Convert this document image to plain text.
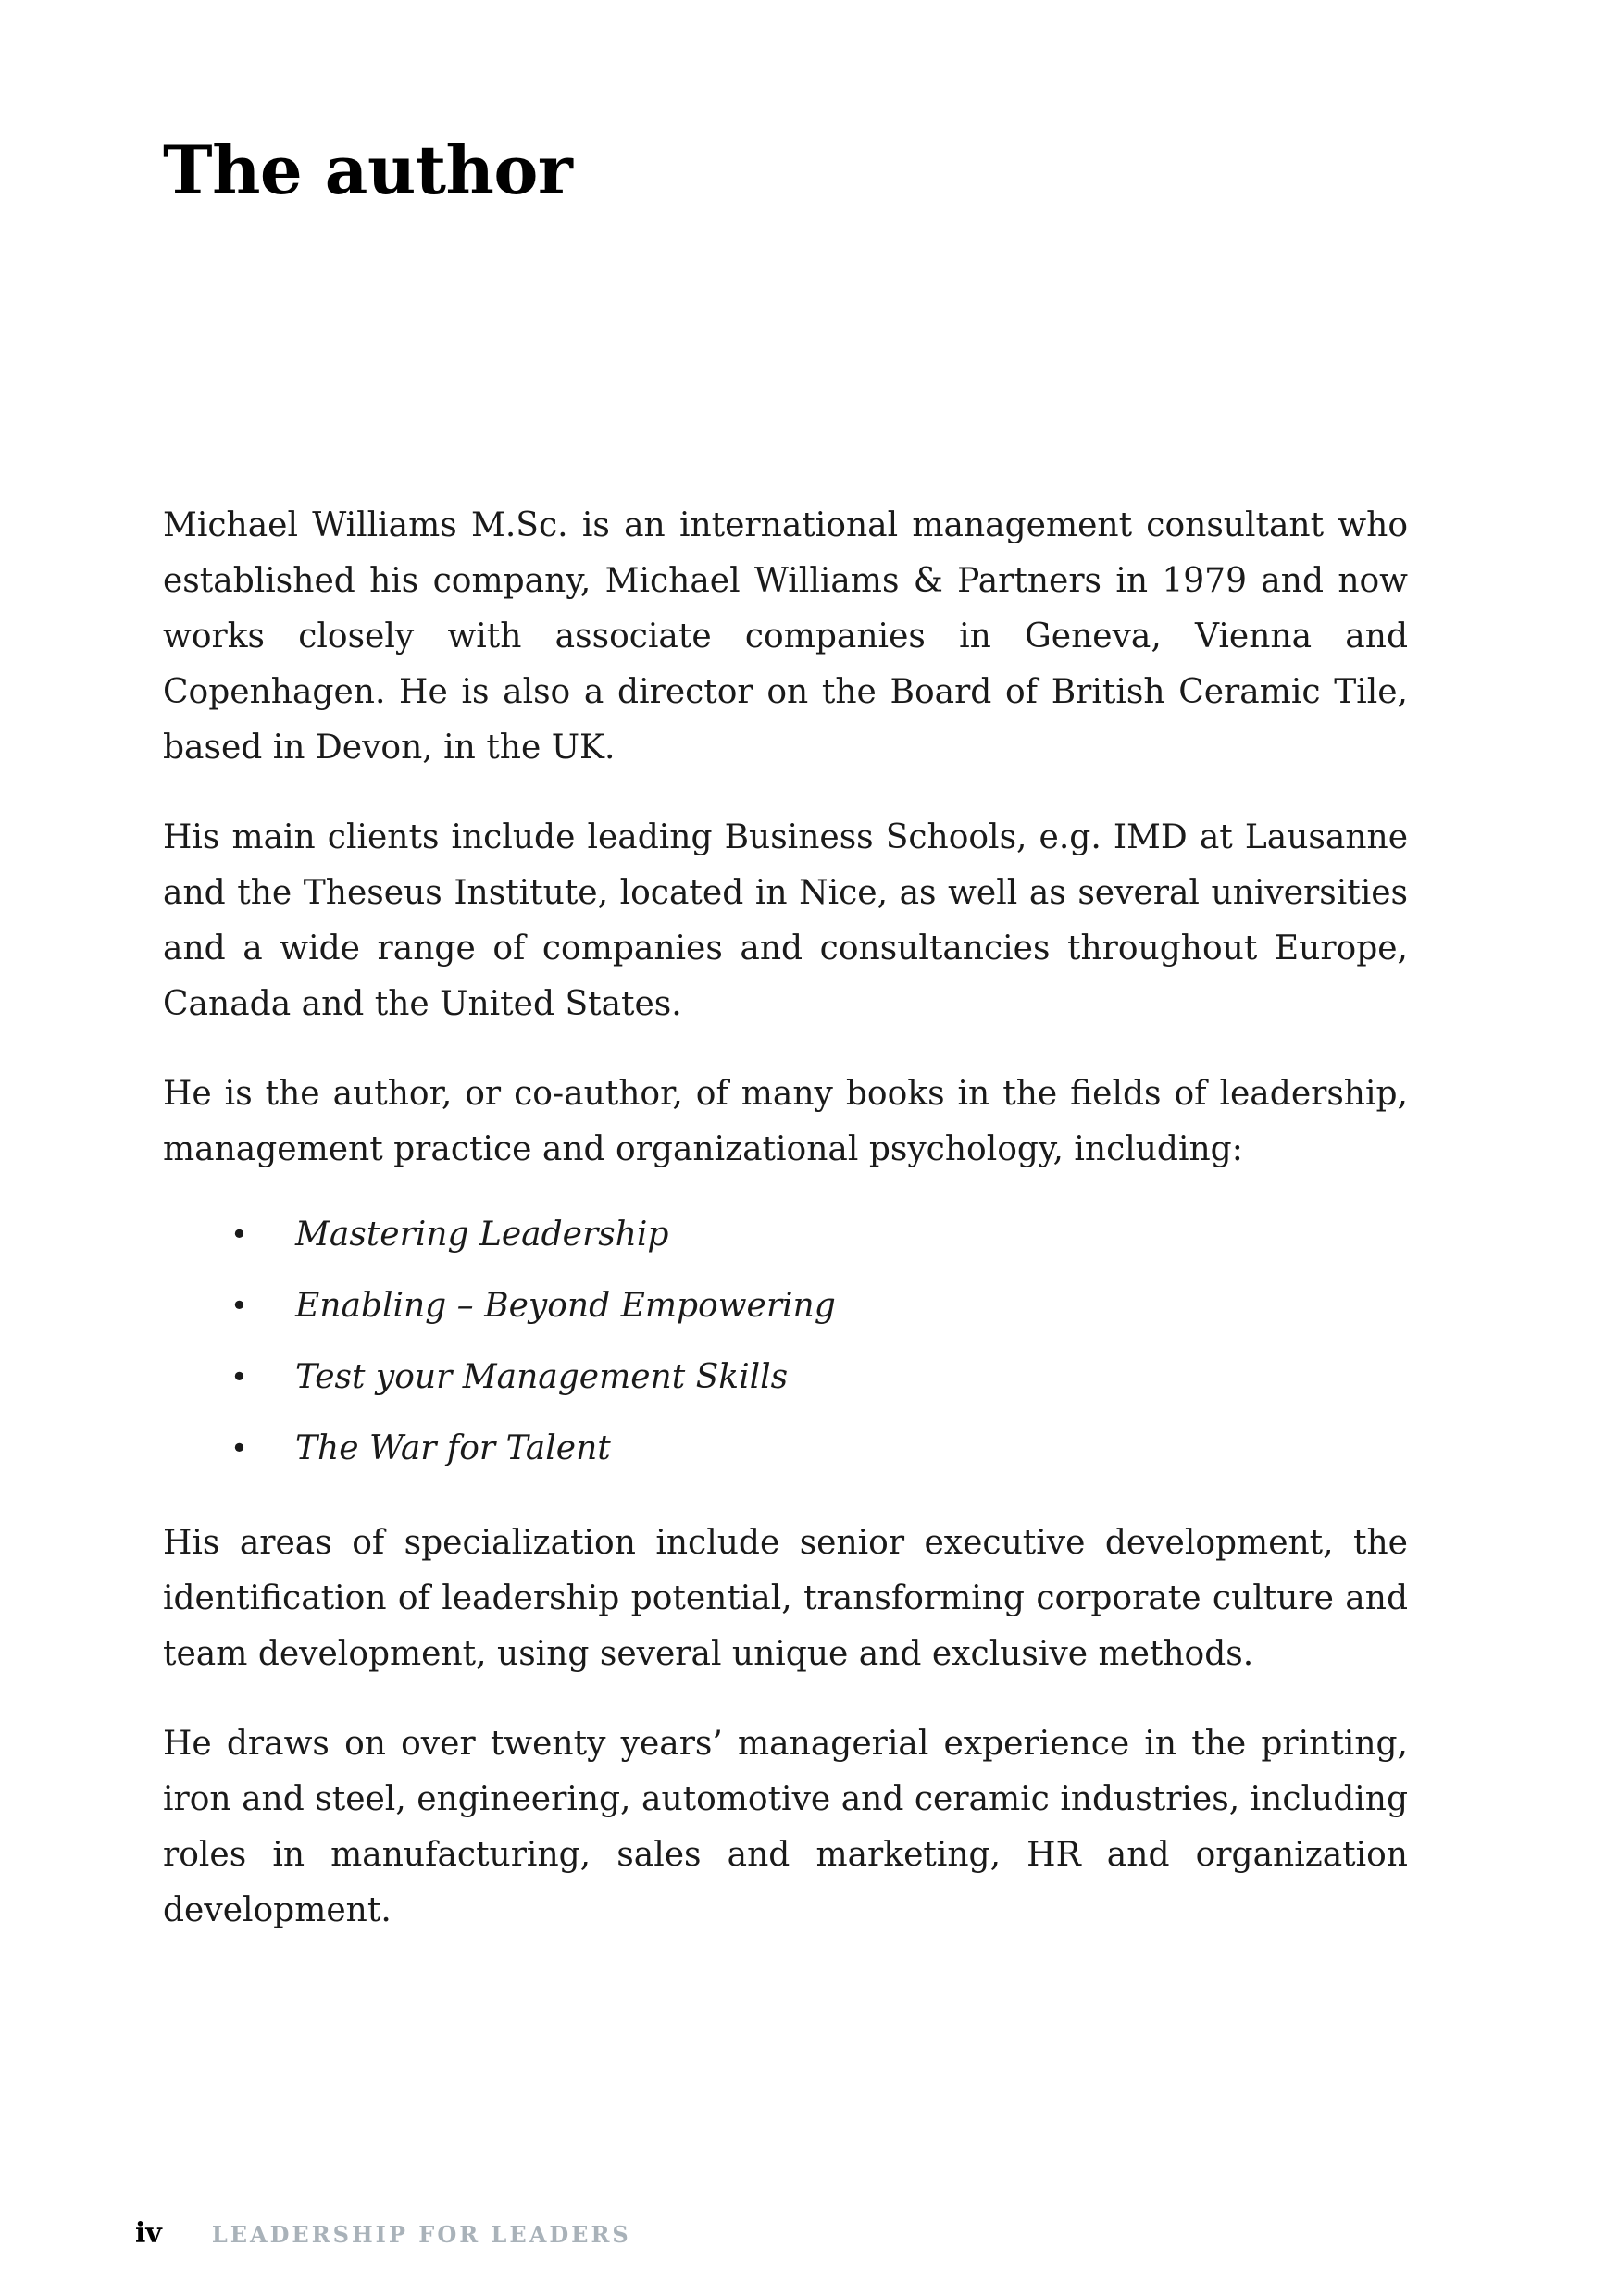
The author

Michael Williams M.Sc. is an international management consultant who established his company, Michael Williams & Partners in 1979 and now works closely with associate companies in Geneva, Vienna and Copenhagen. He is also a director on the Board of British Ceramic Tile, based in Devon, in the UK.

His main clients include leading Business Schools, e.g. IMD at Lausanne and the Theseus Institute, located in Nice, as well as several universities and a wide range of companies and consultancies throughout Europe, Canada and the United States.

He is the author, or co-author, of many books in the fields of leadership, management practice and organizational psychology, including:

• Mastering Leadership
• Enabling – Beyond Empowering
• Test your Management Skills
• The War for Talent

His areas of specialization include senior executive development, the identification of leadership potential, transforming corporate culture and team development, using several unique and exclusive methods.

He draws on over twenty years’ managerial experience in the printing, iron and steel, engineering, automotive and ceramic industries, including roles in manufacturing, sales and marketing, HR and organization development.

iv LEADERSHIP FOR LEADERS
